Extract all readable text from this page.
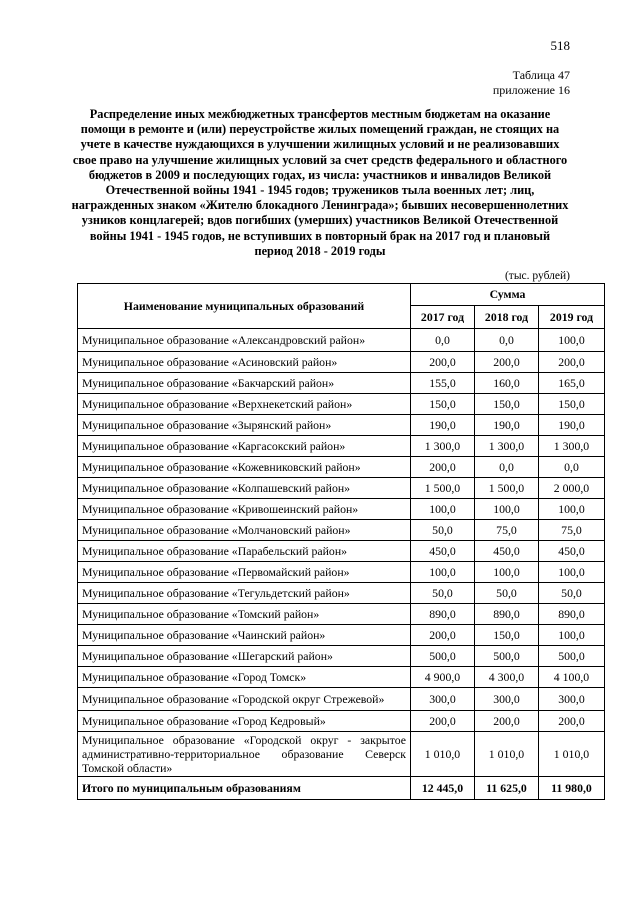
518
Таблица 47
приложение 16
Распределение иных межбюджетных трансфертов местным бюджетам на оказание помощи в ремонте и (или) переустройстве жилых помещений граждан, не стоящих на учете в качестве нуждающихся в улучшении жилищных условий и не реализовавших свое право на улучшение жилищных условий за счет средств федерального и областного бюджетов в 2009 и последующих годах, из числа: участников и инвалидов Великой Отечественной войны 1941 - 1945 годов; тружеников тыла военных лет; лиц, награжденных знаком «Жителю блокадного Ленинграда»; бывших несовершеннолетних узников концлагерей; вдов погибших (умерших) участников Великой Отечественной войны 1941 - 1945 годов, не вступивших в повторный брак на 2017 год и плановый период 2018 - 2019 годы
(тыс. рублей)
Наименование муниципальных образований	Сумма		
	2017 год	2018 год	2019 год
Муниципальное образование «Александровский район»	0,0	0,0	100,0
Муниципальное образование «Асиновский район»	200,0	200,0	200,0
Муниципальное образование «Бакчарский район»	155,0	160,0	165,0
Муниципальное образование «Верхнекетский район»	150,0	150,0	150,0
Муниципальное образование «Зырянский район»	190,0	190,0	190,0
Муниципальное образование «Каргасокский район»	1 300,0	1 300,0	1 300,0
Муниципальное образование «Кожевниковский район»	200,0	0,0	0,0
Муниципальное образование «Колпашевский район»	1 500,0	1 500,0	2 000,0
Муниципальное образование «Кривошеинский район»	100,0	100,0	100,0
Муниципальное образование «Молчановский район»	50,0	75,0	75,0
Муниципальное образование «Парабельский район»	450,0	450,0	450,0
Муниципальное образование «Первомайский район»	100,0	100,0	100,0
Муниципальное образование «Тегульдетский район»	50,0	50,0	50,0
Муниципальное образование «Томский район»	890,0	890,0	890,0
Муниципальное образование «Чаинский район»	200,0	150,0	100,0
Муниципальное образование «Шегарский район»	500,0	500,0	500,0
Муниципальное образование «Город Томск»	4 900,0	4 300,0	4 100,0
Муниципальное образование «Городской округ Стрежевой»	300,0	300,0	300,0
Муниципальное образование «Город Кедровый»	200,0	200,0	200,0
Муниципальное образование «Городской округ - закрытое административно-территориальное образование Северск Томской области»	1 010,0	1 010,0	1 010,0
Итого по муниципальным образованиям	12 445,0	11 625,0	11 980,0
